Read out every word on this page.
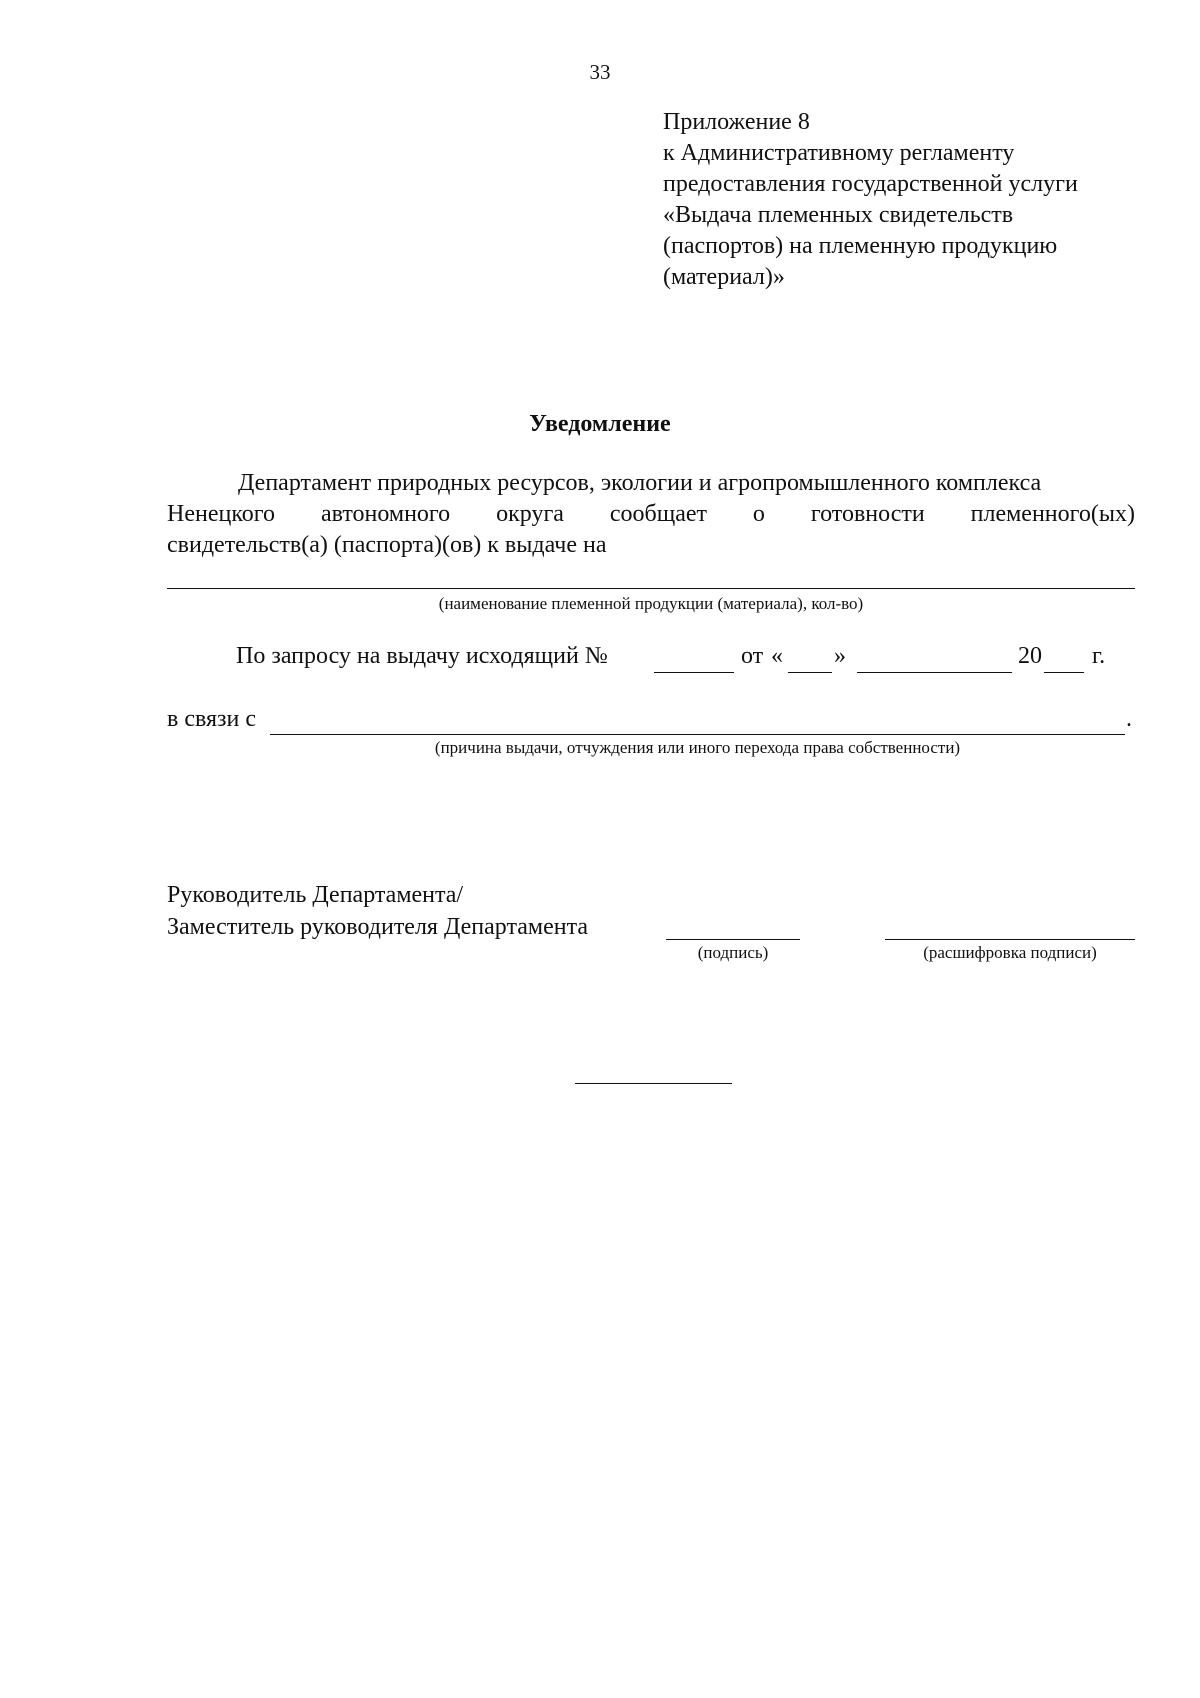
33
Приложение 8
к Административному регламенту
предоставления государственной услуги
«Выдача племенных свидетельств
(паспортов) на племенную продукцию
(материал)»
Уведомление
Департамент природных ресурсов, экологии и агропромышленного комплекса
Ненецкого автономного округа сообщает о готовности племенного(ых)
свидетельств(а) (паспорта)(ов) к выдаче на
(наименование племенной продукции (материала), кол-во)
По запросу на выдачу исходящий №	от « »	20 г.
в связи с	.
(причина выдачи, отчуждения или иного перехода права собственности)
Руководитель Департамента/
Заместитель руководителя Департамента
(подпись)	(расшифровка подписи)
